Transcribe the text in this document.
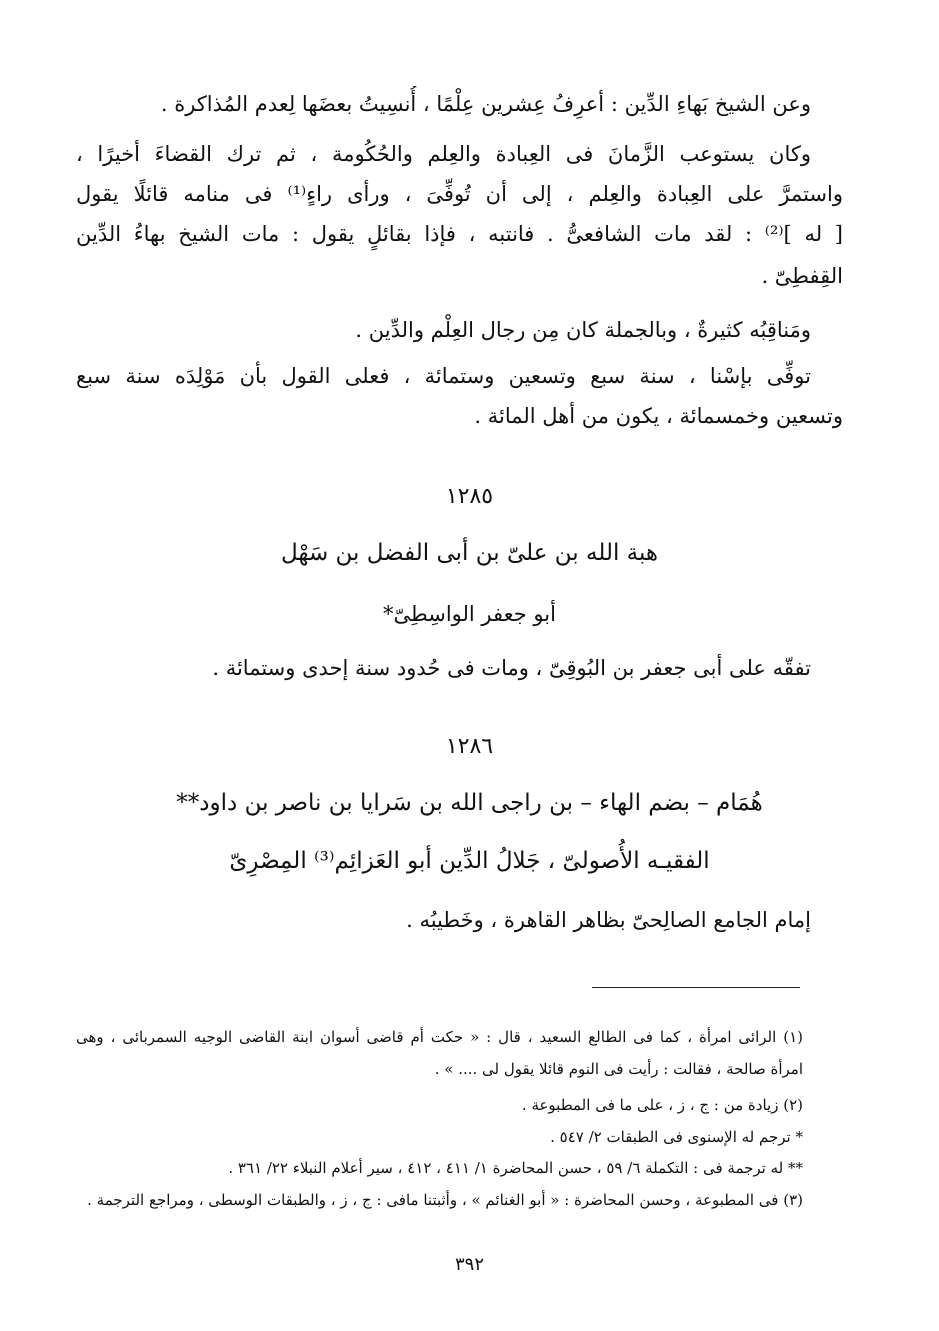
وعن الشيخ بَهاءِ الدِّين : أعرِفُ عِشرين عِلْمًا ، أُنسِيتُ بعضَها لِعدم المُذاكرة .
وكان يستوعب الزَّمانَ فى العِبادة والعِلم والحُكُومة ، ثم ترك القضاءَ أخيرًا ،
واستمرَّ على العِبادة والعِلم ، إلى أن تُوفِّىَ ، ورأى راءٍ⁽¹⁾ فى منامه قائلًا يقول
[ له ]⁽²⁾ : لقد مات الشافعىُّ . فانتبه ، فإذا بقائلٍ يقول : مات الشيخ بهاءُ الدِّين
القِفطِىّ .
ومَناقِبُه كثيرةٌ ، وبالجملة كان مِن رجال العِلْم والدِّين .
توفِّى بإسْنا ، سنة سبع وتسعين وستمائة ، فعلى القول بأن مَوْلِدَه سنة سبع
وتسعين وخمسمائة ، يكون من أهل المائة .
١٢٨٥
هبة الله بن علىّ بن أبى الفضل بن سَهْل
أبو جعفر الواسِطِىّ*
تفقّه على أبى جعفر بن البُوقِىّ ، ومات فى حُدود سنة إحدى وستمائة .
١٢٨٦
هُمَام – بضم الهاء – بن راجى الله بن سَرايا بن ناصر بن داود**
الفقيـه الأُصولىّ ، جَلالُ الدِّين أبو العَزائِم⁽³⁾ المِصْرِىّ
إمام الجامع الصالِحىّ بظاهر القاهرة ، وخَطيبُه .
(١) الرائى امرأة ، كما فى الطالع السعيد ، قال : « حكت أم قاضى أسوان ابنة القاضى الوجيه السمربائى ، وهى
امرأة صالحة ، فقالت : رأيت فى النوم قائلا يقول لى .... » .
(٢) زيادة من : ج ، ز ، على ما فى المطبوعة .
* ترجم له الإسنوى فى الطبقات ٢/ ٥٤٧ .
** له ترجمة فى : التكملة ٦/ ٥٩ ، حسن المحاضرة ١/ ٤١١ ، ٤١٢ ، سير أعلام النبلاء ٢٢/ ٣٦١ .
(٣) فى المطبوعة ، وحسن المحاضرة : « أبو الغنائم » ، وأثبتنا مافى : ج ، ز ، والطبقات الوسطى ، ومراجع الترجمة .
٣٩٢
